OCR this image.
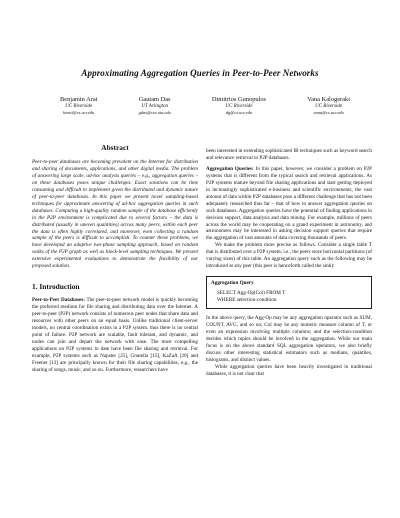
Approximating Aggregation Queries in Peer-to-Peer Networks
Benjamin Arai
UC Riverside
barai@cs.ucr.edu
Gautam Das
UT Arlington
gdas@cse.uta.edu
Dimitrios Gunopulos
UC Riverside
dg@cs.ucr.edu
Vana Kalogeraki
UC Riverside
vana@cs.ucr.edu
Abstract

Peer-to-peer databases are becoming prevalent on the Internet for distribution and sharing of documents, applications, and other digital media. The problem of answering large scale, ad-hoc analysis queries – e.g., aggregation queries – on these databases poses unique challenges. Exact solutions can be time consuming and difficult to implement given the distributed and dynamic nature of peer-to-peer databases. In this paper we present novel sampling-based techniques for approximate answering of ad-hoc aggregation queries in such databases. Computing a high-quality random sample of the database efficiently in the P2P environment is complicated due to several factors – the data is distributed (usually in uneven quantities) across many peers, within each peer the data is often highly correlated, and moreover, even collecting a random sample of the peers is difficult to accomplish. To counter these problems, we have developed an adaptive two-phase sampling approach, based on random walks of the P2P graph as well as block-level sampling techniques. We present extensive experimental evaluations to demonstrate the feasibility of our proposed solution.

1. Introduction

Peer-to-Peer Databases: The peer-to-peer network model is quickly becoming the preferred medium for file sharing and distributing data over the Internet. A peer-to-peer (P2P) network consists of numerous peer nodes that share data and resources with other peers on an equal basis. Unlike traditional client-server models, no central coordination exists in a P2P system, thus there is no central point of failure. P2P network are scalable, fault tolerant, and dynamic, and nodes can join and depart the network with ease. The most compelling applications on P2P systems to date have been file sharing and retrieval. For example, P2P systems such as Napster [25], Gnutella [15], KaZaA [20] and Freenet [13] are principally known for their file sharing capabilities, e.g., the sharing of songs, music, and so on. Furthermore, researchers have

been interested in extending sophisticated IR techniques such as keyword search and relevance retrieval to P2P databases.

Aggregation Queries: In this paper, however, we consider a problem on P2P systems that is different from the typical search and retrieval applications. As P2P systems mature beyond file sharing applications and start getting deployed in increasingly sophisticated e-business and scientific environments, the vast amount of data within P2P databases pose a different challenge that has not been adequately researched thus far – that of how to answer aggregation queries on such databases. Aggregation queries have the potential of finding applications in decision support, data analysis and data mining. For example, millions of peers across the world may be cooperating on a grand experiment in astronomy, and astronomers may be interested in asking decision support queries that require the aggregation of vast amounts of data covering thousands of peers.

We make the problem more precise as follows. Consider a single table T that is distributed over a P2P system; i.e., the peers store horizontal partitions (of varying sizes) of this table. An aggregation query such as the following may be introduced at any peer (this peer is henceforth called the sink):

Aggregation Query
SELECT Agg-Op(Col) FROM T
WHERE selection-condition

In the above query, the Agg-Op may be any aggregation operator such as SUM, COUNT, AVG, and so on; Col may be any numeric measure column of T, or even an expression involving multiple columns; and the selection-condition decides which tuples should be involved in the aggregation. While our main focus is on the above standard SQL aggregation operators, we also briefly discuss other interesting statistical estimators such as medians, quantiles, histograms, and distinct values.

While aggregation queries have been heavily investigated in traditional databases, it is not clear that
